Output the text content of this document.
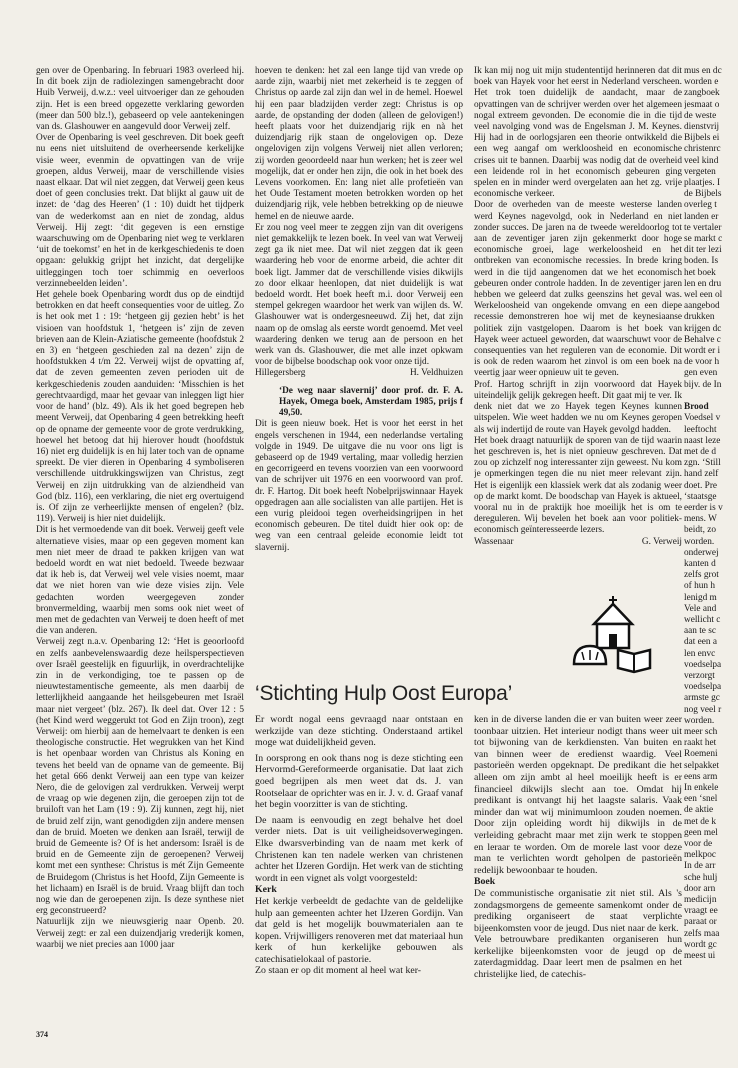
gen over de Openbaring. In februari 1983 overleed hij. In dit boek zijn de radiolezingen samengebracht door Huib Verweij, d.w.z.: veel uitvoeriger dan ze gehouden zijn. Het is een breed opgezette verklaring geworden (meer dan 500 blz.!), gebaseerd op vele aantekeningen van ds. Glashouwer en aangevuld door Verweij zelf.

Over de Openbaring is veel geschreven. Dit boek geeft nu eens niet uitsluitend de overheersende kerkelijke visie weer, evenmin de opvattingen van de vrije groepen, aldus Verweij, maar de verschillende visies naast elkaar. Dat wil niet zeggen, dat Verweij geen keus doet of geen conclusies trekt. Dat blijkt al gauw uit de inzet: de ‘dag des Heeren’ (1 : 10) duidt het tijdperk van de wederkomst aan en niet de zondag, aldus Verweij. Hij zegt: ‘dit gegeven is een ernstige waarschuwing om de Openbaring niet weg te verklaren ‘uit de toekomst’ en het in de kerkgeschiedenis te doen opgaan: gelukkig grijpt het inzicht, dat dergelijke uitleggingen toch toer schimmig en oeverloos verzinnebeelden leiden’.

Het gehele boek Openbaring wordt dus op de eindtijd betrokken en dat heeft consequenties voor de uitleg. Zo is het ook met 1 : 19: ‘hetgeen gij gezien hebt’ is het visioen van hoofdstuk 1, ‘hetgeen is’ zijn de zeven brieven aan de Klein-Aziatische gemeente (hoofdstuk 2 en 3) en ‘hetgeen geschieden zal na dezen’ zijn de hoofdstukken 4 t/m 22. Verweij wijst de opvatting af, dat de zeven gemeenten zeven perioden uit de kerkgeschiedenis zouden aanduiden: ‘Misschien is het gerechtvaardigd, maar het gevaar van inleggen ligt hier voor de hand’ (blz. 49). Als ik het goed begrepen heb meent Verweij, dat Openbaring 4 geen betrekking heeft op de opname der gemeente voor de grote verdrukking, hoewel het betoog dat hij hierover houdt (hoofdstuk 16) niet erg duidelijk is en hij later toch van de opname spreekt. De vier dieren in Openbaring 4 symboliseren verschillende uitdrukkingswijzen van Christus, zegt Verweij en zijn uitdrukking van de alziendheid van God (blz. 116), een verklaring, die niet erg overtuigend is. Of zijn ze verheerlijkte mensen of engelen? (blz. 119). Verweij is hier niet duidelijk.

Dit is het vermoedende van dit boek. Verweij geeft vele alternatieve visies, maar op een gegeven moment kan men niet meer de draad te pakken krijgen van wat bedoeld wordt en wat niet bedoeld. Tweede bezwaar dat ik heb is, dat Verweij wel vele visies noemt, maar dat we niet horen van wie deze visies zijn. Vele gedachten worden weergegeven zonder bronvermelding, waarbij men soms ook niet weet of men met de gedachten van Verweij te doen heeft of met die van anderen.

Verweij zegt n.a.v. Openbaring 12: ‘Het is geoorloofd en zelfs aanbevelenswaardig deze heilsperspectieven over Israël geestelijk en figuurlijk, in overdrachtelijke zin in de verkondiging, toe te passen op de nieuwtestamentische gemeente, als men daarbij de letterlijkheid aangaande het heilsgebeuren met Israël maar niet vergeet’ (blz. 267). Ik deel dat. Over 12 : 5 (het Kind werd weggerukt tot God en Zijn troon), zegt Verweij: om hierbij aan de hemelvaart te denken is een theologische constructie. Het wegrukken van het Kind is het openbaar worden van Christus als Koning en tevens het beeld van de opname van de gemeente. Bij het getal 666 denkt Verweij aan een type van keizer Nero, die de gelovigen zal verdrukken. Verweij werpt de vraag op wie degenen zijn, die geroepen zijn tot de bruiloft van het Lam (19 : 9). Zij kunnen, zegt hij, niet de bruid zelf zijn, want genodigden zijn andere mensen dan de bruid. Moeten we denken aan Israël, terwijl de bruid de Gemeente is? Of is het andersom: Israël is de bruid en de Gemeente zijn de geroepenen? Verweij komt met een synthese: Christus is mét Zijn Gemeente de Bruidegom (Christus is het Hoofd, Zijn Gemeente is het lichaam) en Israël is de bruid. Vraag blijft dan toch nog wie dan de geroepenen zijn. Is deze synthese niet erg geconstrueerd?

Natuurlijk zijn we nieuwsgierig naar Openb. 20. Verweij zegt: er zal een duizendjarig vrederijk komen, waarbij we niet precies aan 1000 jaar

hoeven te denken: het zal een lange tijd van vrede op aarde zijn, waarbij niet met zekerheid is te zeggen of Christus op aarde zal zijn dan wel in de hemel. Hoewel hij een paar bladzijden verder zegt: Christus is op aarde, de opstanding der doden (alleen de gelovigen!) heeft plaats voor het duizendjarig rijk en nà het duizendjarig rijk staan de ongelovigen op. Deze ongelovigen zijn volgens Verweij niet allen verloren; zij worden geoordeeld naar hun werken; het is zeer wel mogelijk, dat er onder hen zijn, die ook in het boek des Levens voorkomen. En: lang niet alle profetieën van het Oude Testament moeten betrokken worden op het duizendjarig rijk, vele hebben betrekking op de nieuwe hemel en de nieuwe aarde.

Er zou nog veel meer te zeggen zijn van dit overigens niet gemakkelijk te lezen boek. In veel van wat Verweij zegt ga ik niet mee. Dat wil niet zeggen dat ik geen waardering heb voor de enorme arbeid, die achter dit boek ligt. Jammer dat de verschillende visies dikwijls zo door elkaar heenlopen, dat niet duidelijk is wat bedoeld wordt. Het boek heeft m.i. door Verweij een stempel gekregen waardoor het werk van wijlen ds. W. Glashouwer wat is ondergesneeuwd. Zij het, dat zijn naam op de omslag als eerste wordt genoemd. Met veel waardering denken we terug aan de persoon en het werk van ds. Glashouwer, die met alle inzet opkwam voor de bijbelse boodschap ook voor onze tijd.

Hillegersberg	H. Veldhuizen

‘De weg naar slavernij’ door prof. dr. F. A. Hayek, Omega boek, Amsterdam 1985, prijs f 49,50.

Dit is geen nieuw boek. Het is voor het eerst in het engels verschenen in 1944, een nederlandse vertaling volgde in 1949. De uitgave die nu voor ons ligt is gebaseerd op de 1949 vertaling, maar volledig herzien en gecorrigeerd en tevens voorzien van een voorwoord van de schrijver uit 1976 en een voorwoord van prof. dr. F. Hartog. Dit boek heeft Nobelprijswinnaar Hayek opgedragen aan alle socialisten van alle partijen. Het is een vurig pleidooi tegen overheidsingrijpen in het economisch gebeuren. De titel duidt hier ook op: de weg van een centraal geleide economie leidt tot slavernij.

Ik kan mij nog uit mijn studententijd herinneren dat dit boek van Hayek voor het eerst in Nederland verscheen. Het trok toen duidelijk de aandacht, maar de opvattingen van de schrijver werden over het algemeen nogal extreem gevonden. De economie die in die tijd veel navolging vond was de Engelsman J. M. Keynes. Hij had in de oorlogsjaren een theorie ontwikkeld die een weg aangaf om werkloosheid en economische crises uit te bannen. Daarbij was nodig dat de overheid een leidende rol in het economisch gebeuren ging spelen en in minder werd overgelaten aan het zg. vrije economische verkeer.

Door de overheden van de meeste westerse landen werd Keynes nagevolgd, ook in Nederland en niet zonder succes. De jaren na de tweede wereldoorlog tot aan de zeventiger jaren zijn gekenmerkt door hoge economische groei, lage werkeloosheid en het ontbreken van economische recessies. In brede kring werd in die tijd aangenomen dat we het economisch gebeuren onder controle hadden. In de zeventiger jaren hebben we geleerd dat zulks geenszins het geval was. Werkeloosheid van ongekende omvang en een diepe recessie demonstreren hoe wij met de keynesiaanse politiek zijn vastgelopen. Daarom is het boek van Hayek weer actueel geworden, dat waarschuwt voor de consequenties van het reguleren van de economie. Dit is ook de reden waarom het zinvol is om een boek na veertig jaar weer opnieuw uit te geven.

Prof. Hartog schrijft in zijn voorwoord dat Hayek uiteindelijk gelijk gekregen heeft. Dit gaat mij te ver. Ik denk niet dat we zo Hayek tegen Keynes kunnen uitspelen. Wie weet hadden we nu om Keynes geropen als wij indertijd de route van Hayek gevolgd hadden.

Het boek draagt natuurlijk de sporen van de tijd waarin het geschreven is, het is niet opnieuw geschreven. Dat zou op zichzelf nog interessanter zijn geweest. Nu kom je opmerkingen tegen die nu niet meer relevant zijn. Het is eigenlijk een klassiek werk dat als zodanig weer op de markt komt. De boodschap van Hayek is aktueel, vooral nu in de praktijk hoe moeilijk het is om te dereguleren. Wij bevelen het boek aan voor politiek-economisch geïnteresseerde lezers.

Wassenaar	G. Verweij
mus en dc
worden e
zangboek
jesmaat o
de weste
dienstvrij
Bijbels ei
christenrc
veel kind
vergeten
plaatjes. I
de Bijbels
overleg t
landen er
te vertaler
se markt c
dit ter lezi
boden. Is
het boek
len en dru
wel een ol
aangebod
drukken
krijgen dc
Behalve c
wordt er i
de voor h
gen even
bijv. de In

Brood
Voedsel v
leeftocht
naast leze
met de d
zgn. ‘Still
hand zelf
doet. Pre
‘staatsge
eerder is v
mens. W
beidt, zo
worden.
onderwej
kanten d
zelfs grot
of hun h
lenigd m
Vele and
wellicht c
aan te sc
dat een a
len envc
voedselpa
verzorgt
voedselpa
armste gc
nog veel r
worden.
meer sch
raakt het
Roemeni
selpakket
eens arm
In enkele
een ‘snel
de aktie
met de k
geen mel
voor de
melkpoc
In de arr
sche hulj
door arn
medicijn
vraagt ee
paraat or
zelfs maa
wordt gc
meest ui
‘Stichting Hulp Oost Europa’

Er wordt nogal eens gevraagd naar ontstaan en werkzijde van deze stichting. Onderstaand artikel moge wat duidelijkheid geven.

In oorsprong en ook thans nog is deze stichting een Hervormd-Gereformeerde organisatie. Dat laat zich goed begrijpen als men weet dat ds. J. van Rootselaar de oprichter was en ir. J. v. d. Graaf vanaf het begin voorzitter is van de stichting.

De naam is eenvoudig en zegt behalve het doel verder niets. Dat is uit veiligheidsoverwegingen. Elke dwarsverbinding van de naam met kerk of Christenen kan ten nadele werken van christenen achter het IJzeren Gordijn. Het werk van de stichting wordt in een vignet als volgt voorgesteld:

Kerk

Het kerkje verbeeldt de gedachte van de geldelijke hulp aan gemeenten achter het IJzeren Gordijn. Van dat geld is het mogelijk bouwmaterialen aan te kopen. Vrijwilligers renoveren met dat materiaal hun kerk of hun kerkelijke gebouwen als catechisatielokaal of pastorie.

Zo staan er op dit moment al heel wat ker-

ken in de diverse landen die er van buiten weer zeer toonbaar uitzien. Het interieur nodigt thans weer uit tot bijwoning van de kerkdiensten. Van buiten en van binnen weer de eredienst waardig. Veel pastorieën werden opgeknapt. De predikant die het alleen om zijn ambt al heel moeilijk heeft is er financieel dikwijls slecht aan toe. Omdat hij predikant is ontvangt hij het laagste salaris. Vaak minder dan wat wij minimumloon zouden noemen. Door zijn opleiding wordt hij dikwijls in de verleiding gebracht maar met zijn werk te stoppen en leraar te worden. Om de morele last voor deze man te verlichten wordt geholpen de pastorieën redelijk bewoonbaar te houden.

Boek

De communistische organisatie zit niet stil. Als 's zondagsmorgens de gemeente samenkomt onder de prediking organiseert de staat verplichte bijeenkomsten voor de jeugd. Dus niet naar de kerk.

Vele betrouwbare predikanten organiseren hun kerkelijke bijeenkomsten voor de jeugd op de zaterdagmiddag. Daar leert men de psalmen en het christelijke lied, de catechis-

374
